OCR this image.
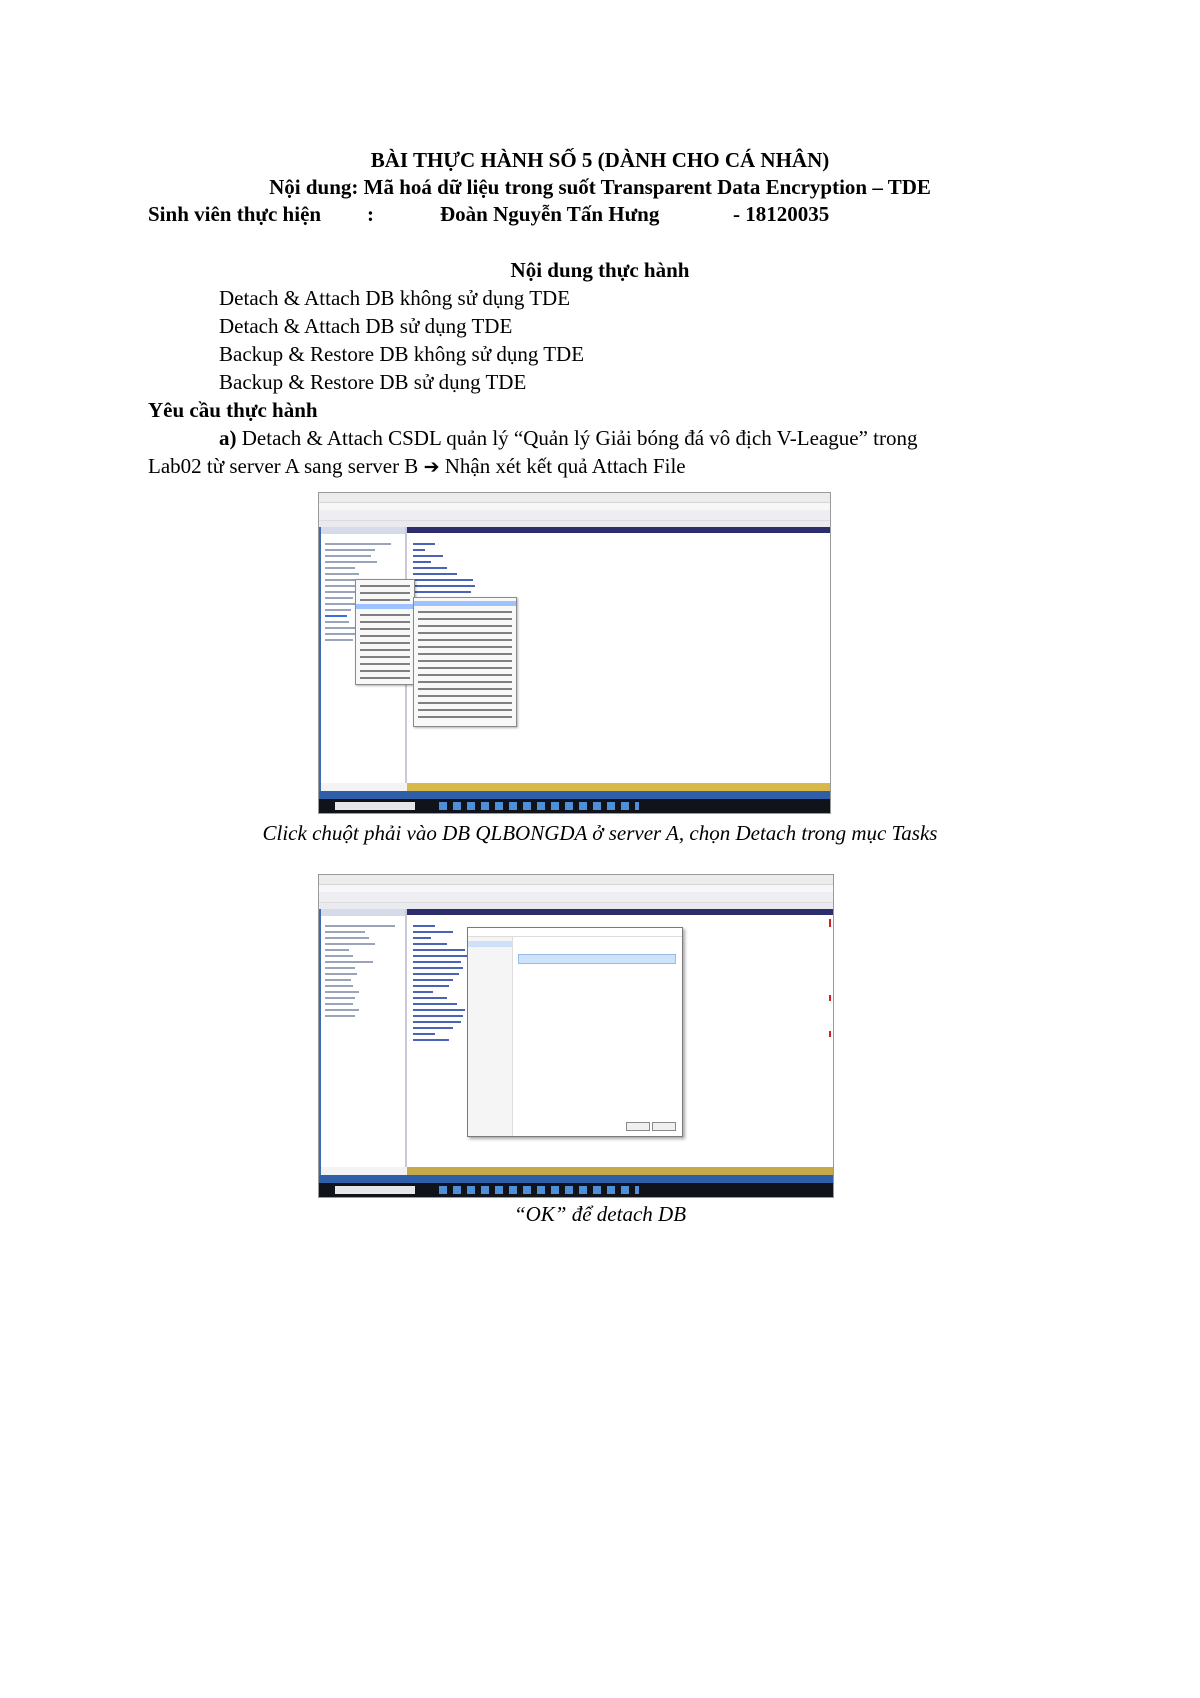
BÀI THỰC HÀNH SỐ 5 (DÀNH CHO CÁ NHÂN)
Nội dung: Mã hoá dữ liệu trong suốt Transparent Data Encryption – TDE
Sinh viên thực hiện :	Đoàn Nguyễn Tấn Hưng	- 18120035
Nội dung thực hành
Detach & Attach DB không sử dụng TDE
Detach & Attach DB sử dụng TDE
Backup & Restore DB không sử dụng TDE
Backup & Restore DB sử dụng TDE
Yêu cầu thực hành
a) Detach & Attach CSDL quản lý “Quản lý Giải bóng đá vô địch V-League” trong
Lab02 từ server A sang server B ➔ Nhận xét kết quả Attach File
Click chuột phải vào DB QLBONGDA ở server A, chọn Detach trong mục Tasks
“OK” để detach DB
